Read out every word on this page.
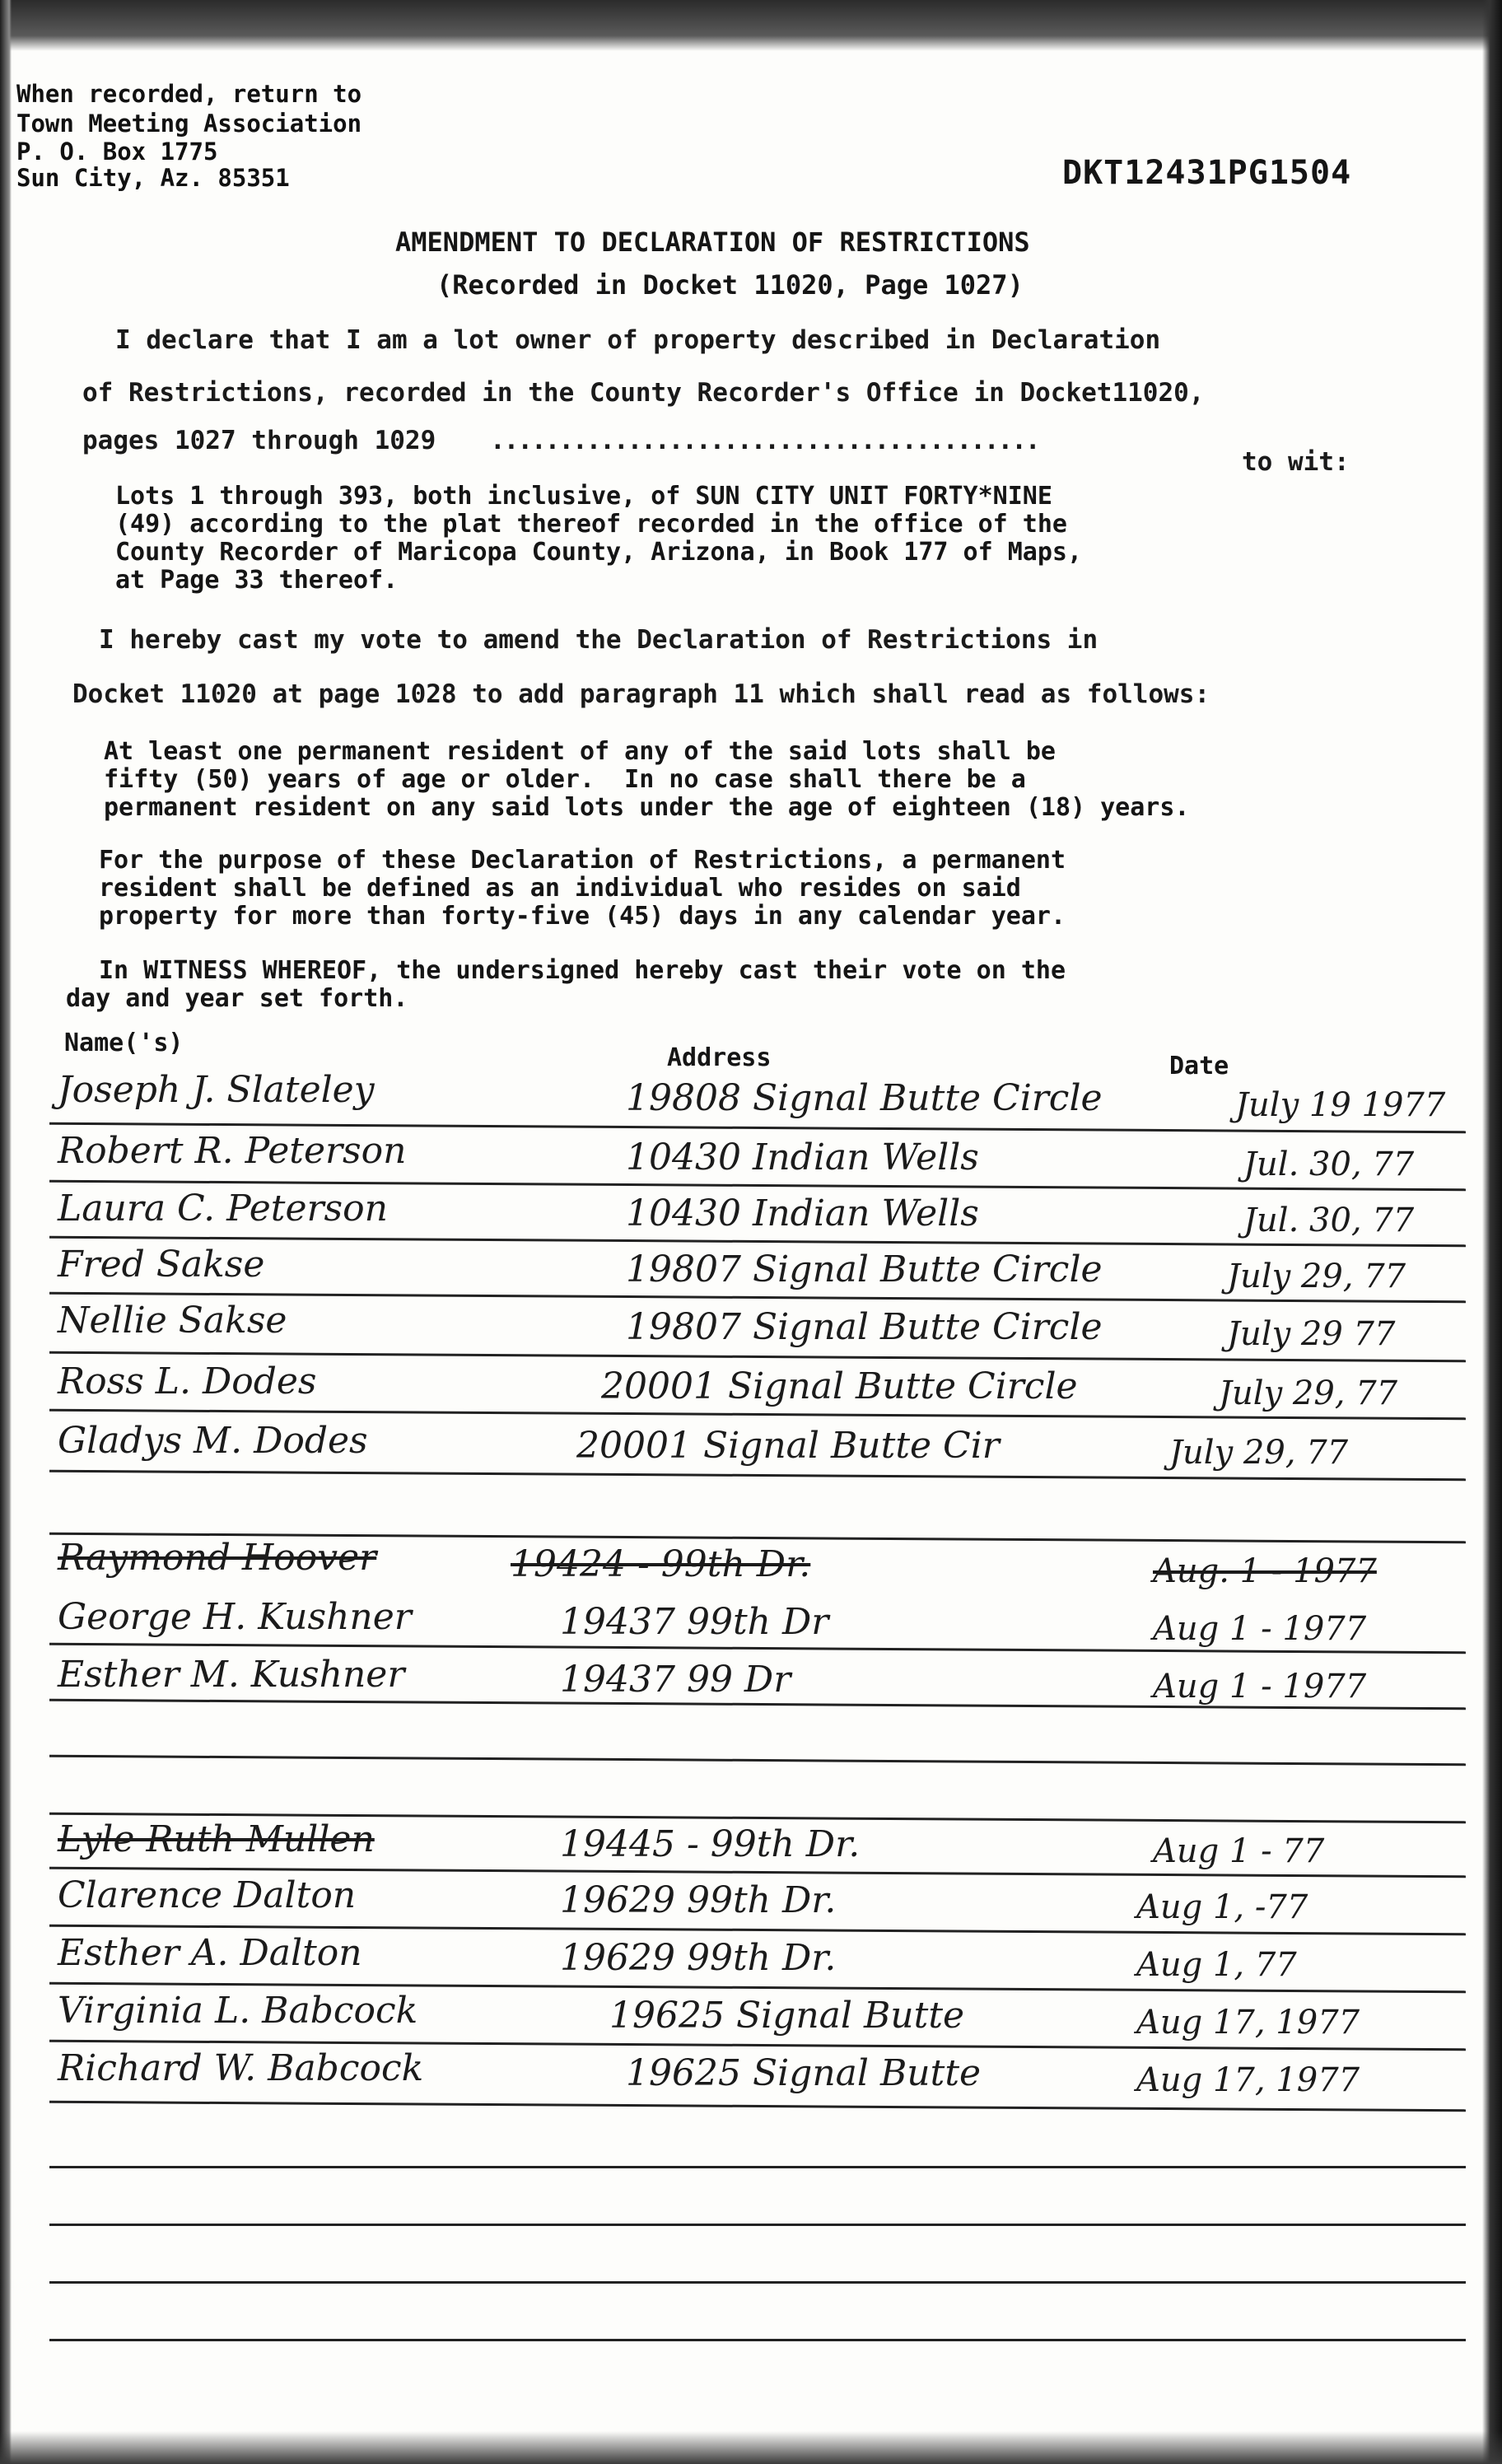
When recorded, return to
Town Meeting Association
P. O. Box 1775
Sun City, Az. 85351	DKT12431PG1504
AMENDMENT TO DECLARATION OF RESTRICTIONS
(Recorded in Docket 11020, Page 1027)
I declare that I am a lot owner of property described in Declaration
of Restrictions, recorded in the County Recorder's Office in Docket11020,
pages 1027 through 1029 ........................................
to wit:
Lots 1 through 393, both inclusive, of SUN CITY UNIT FORTY*NINE
(49) according to the plat thereof recorded in the office of the
County Recorder of Maricopa County, Arizona, in Book 177 of Maps,
at Page 33 thereof.
I hereby cast my vote to amend the Declaration of Restrictions in
Docket 11020 at page 1028 to add paragraph 11 which shall read as follows:
At least one permanent resident of any of the said lots shall be
fifty (50) years of age or older.  In no case shall there be a
permanent resident on any said lots under the age of eighteen (18) years.
For the purpose of these Declaration of Restrictions, a permanent
resident shall be defined as an individual who resides on said
property for more than forty-five (45) days in any calendar year.
In WITNESS WHEREOF, the undersigned hereby cast their vote on the
day and year set forth.
Name('s)
Address	Date
Joseph J. Slateley	19808 Signal Butte Circle	July 19 1977
Robert R. Peterson	10430 Indian Wells	Jul. 30, 77
Laura C. Peterson	10430 Indian Wells	Jul. 30, 77
Fred Sakse	19807 Signal Butte Circle	July 29, 77
Nellie Sakse	19807 Signal Butte Circle	July 29 77
Ross L. Dodes	20001 Signal Butte Circle	July 29, 77
Gladys M. Dodes	20001 Signal Butte Cir	July 29, 77
Raymond Hoover	19424 - 99th Dr.	Aug. 1 - 1977
George H. Kushner	19437 99th Dr	Aug 1 - 1977
Esther M. Kushner	19437 99 Dr	Aug 1 - 1977
Lyle Ruth Mullen	19445 - 99th Dr.	Aug 1 - 77
Clarence Dalton	19629 99th Dr.	Aug 1, -77
Esther A. Dalton	19629 99th Dr.	Aug 1, 77
Virginia L. Babcock	19625 Signal Butte	Aug 17, 1977
Richard W. Babcock	19625 Signal Butte	Aug 17, 1977
